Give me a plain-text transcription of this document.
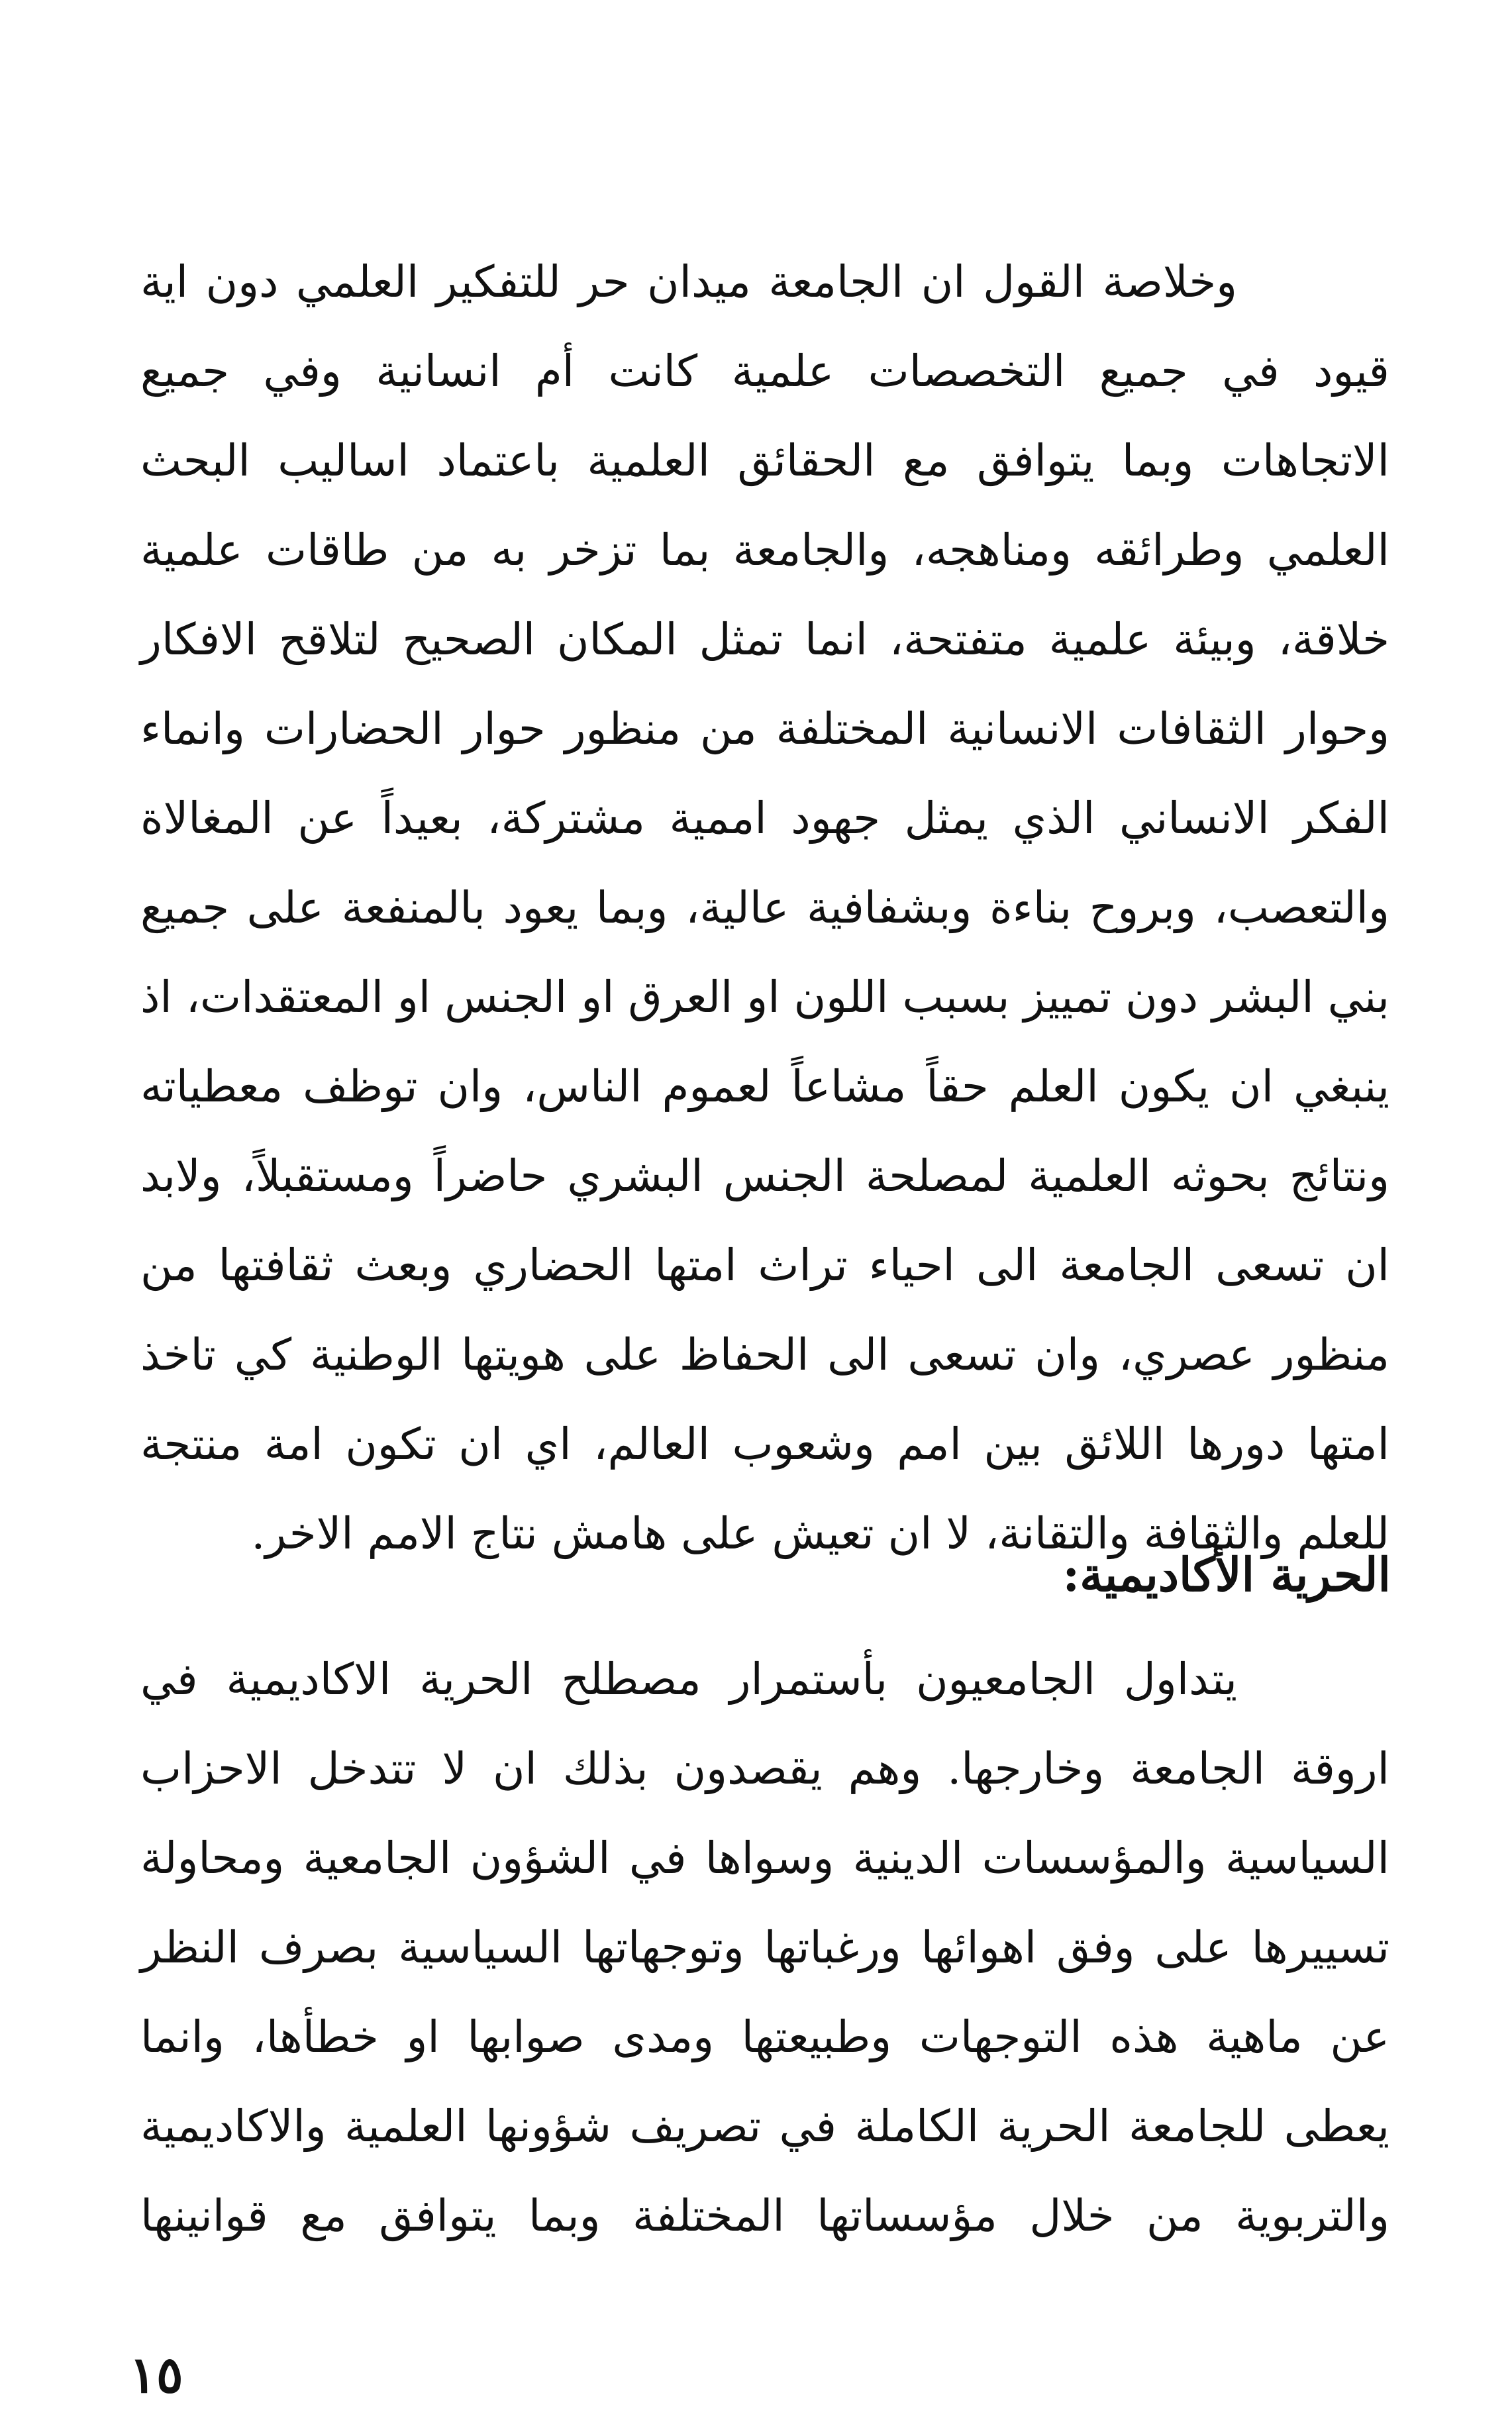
وخلاصة القول ان الجامعة ميدان حر للتفكير العلمي دون اية
قيود في جميع التخصصات علمية كانت أم انسانية وفي جميع
الاتجاهات وبما يتوافق مع الحقائق العلمية باعتماد اساليب البحث
العلمي وطرائقه ومناهجه، والجامعة بما تزخر به من طاقات علمية
خلاقة، وبيئة علمية متفتحة، انما تمثل المكان الصحيح لتلاقح الافكار
وحوار الثقافات الانسانية المختلفة من منظور حوار الحضارات وانماء
الفكر الانساني الذي يمثل جهود اممية مشتركة، بعيداً عن المغالاة
والتعصب، وبروح بناءة وبشفافية عالية، وبما يعود بالمنفعة على جميع
بني البشر دون تمييز بسبب اللون او العرق او الجنس او المعتقدات، اذ
ينبغي ان يكون العلم حقاً مشاعاً لعموم الناس، وان توظف معطياته
ونتائج بحوثه العلمية لمصلحة الجنس البشري حاضراً ومستقبلاً، ولابد
ان تسعى الجامعة الى احياء تراث امتها الحضاري وبعث ثقافتها من
منظور عصري، وان تسعى الى الحفاظ على هويتها الوطنية كي تاخذ
امتها دورها اللائق بين امم وشعوب العالم، اي ان تكون امة منتجة
للعلم والثقافة والتقانة، لا ان تعيش على هامش نتاج الامم الاخر.
الحرية الأكاديمية:
يتداول الجامعيون بأستمرار مصطلح الحرية الاكاديمية في
اروقة الجامعة وخارجها. وهم يقصدون بذلك ان لا تتدخل الاحزاب
السياسية والمؤسسات الدينية وسواها في الشؤون الجامعية ومحاولة
تسييرها على وفق اهوائها ورغباتها وتوجهاتها السياسية بصرف النظر
عن ماهية هذه التوجهات وطبيعتها ومدى صوابها او خطأها، وانما
يعطى للجامعة الحرية الكاملة في تصريف شؤونها العلمية والاكاديمية
والتربوية من خلال مؤسساتها المختلفة وبما يتوافق مع قوانينها
١٥
